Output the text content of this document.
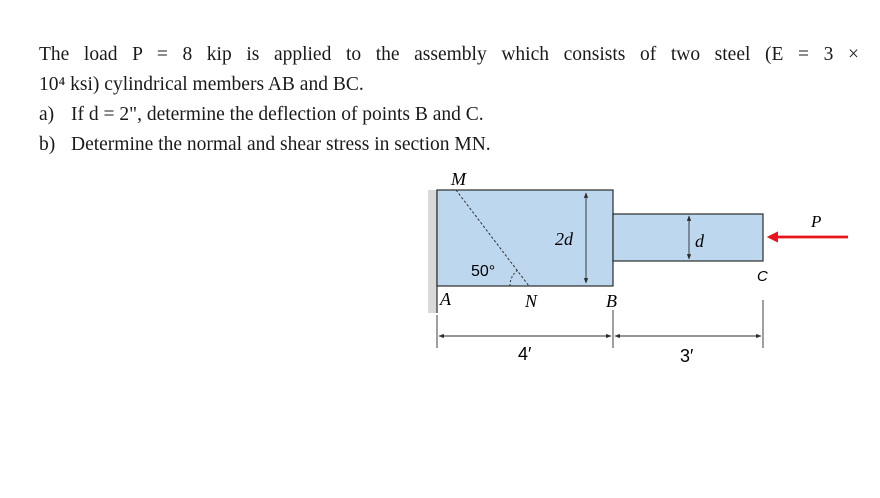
The load P = 8 kip is applied to the assembly which consists of two steel (E = 3 ×
10⁴ ksi) cylindrical members AB and BC.
a) If d = 2", determine the deflection of points B and C.
b) Determine the normal and shear stress in section MN.
M
A	N	B
C
P
50°
2d	d
4′	3′
